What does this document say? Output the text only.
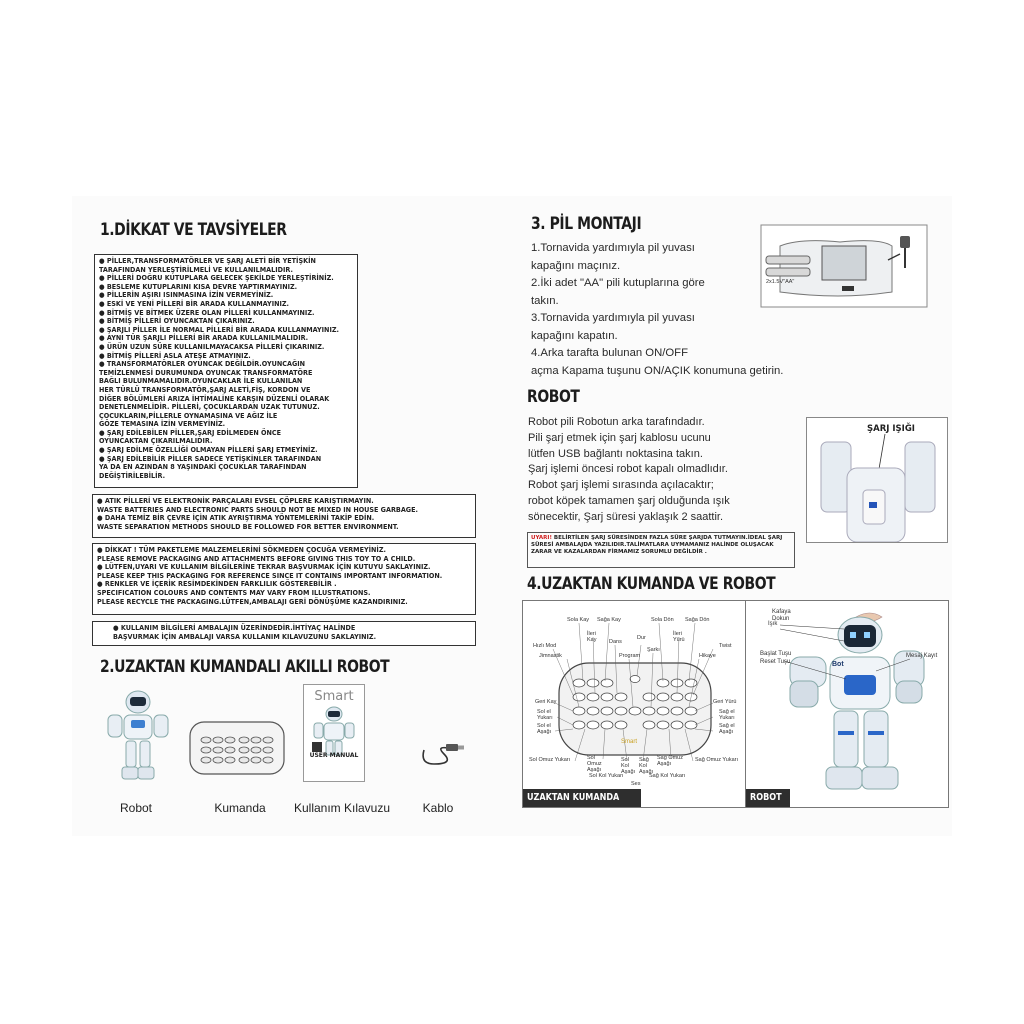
1.DİKKAT VE TAVSİYELER
● PİLLER,TRANSFORMATÖRLER VE ŞARJ ALETİ BİR YETİŞKİN
TARAFINDAN YERLEŞTİRİLMELİ VE KULLANILMALIDIR.
● PİLLERİ DOĞRU KUTUPLARA GELECEK ŞEKİLDE YERLEŞTİRİNİZ.
● BESLEME KUTUPLARINI KISA DEVRE YAPTIRMAYINIZ.
● PİLLERİN AŞIRI ISINMASINA İZİN VERMEYİNİZ.
● ESKİ VE YENİ PİLLERİ BİR ARADA KULLANMAYINIZ.
● BİTMİŞ VE BİTMEK ÜZERE OLAN PİLLERİ KULLANMAYINIZ.
● BİTMİŞ PİLLERİ OYUNCAKTAN ÇIKARINIZ.
● ŞARJLI PİLLER İLE NORMAL PİLLERİ BİR ARADA KULLANMAYINIZ.
● AYNI TÜR ŞARJLI PİLLERİ BİR ARADA KULLANILMALIDIR.
● ÜRÜN UZUN SÜRE KULLANILMAYACAKSA PİLLERİ ÇIKARINIZ.
● BİTMİŞ PİLLERİ ASLA ATEŞE ATMAYINIZ.
● TRANSFORMATÖRLER OYUNCAK DEĞİLDİR.OYUNCAĞIN
TEMİZLENMESİ DURUMUNDA OYUNCAK TRANSFORMATÖRE
BAĞLI BULUNMAMALIDIR.OYUNCAKLAR İLE KULLANILAN
HER TÜRLÜ TRANSFORMATÖR,ŞARJ ALETİ,FİŞ, KORDON VE
DİĞER BÖLÜMLERİ ARIZA İHTİMALİNE KARŞIN DÜZENLİ OLARAK
DENETLENMELİDİR. PİLLERİ, ÇOCUKLARDAN UZAK TUTUNUZ.
ÇOCUKLARIN,PİLLERLE OYNAMASINA VE AĞIZ İLE
GÖZE TEMASINA İZİN VERMEYİNİZ.
● ŞARJ EDİLEBİLEN PİLLER,ŞARJ EDİLMEDEN ÖNCE
OYUNCAKTAN ÇIKARILMALIDIR.
● ŞARJ EDİLME ÖZELLİĞİ OLMAYAN PİLLERİ ŞARJ ETMEYİNİZ.
● ŞARJ EDİLEBİLİR PİLLER SADECE YETİŞKİNLER TARAFINDAN
YA DA EN AZINDAN 8 YAŞINDAKİ ÇOCUKLAR TARAFINDAN
DEĞİŞTİRİLEBİLİR.
● ATIK PİLLERİ VE ELEKTRONİK PARÇALARI EVSEL ÇÖPLERE KARIŞTIRMAYIN.
WASTE BATTERIES AND ELECTRONIC PARTS SHOULD NOT BE MIXED IN HOUSE GARBAGE.
● DAHA TEMİZ BİR ÇEVRE İÇİN ATIK AYRIŞTIRMA YÖNTEMLERİNİ TAKİP EDİN.
WASTE SEPARATION METHODS SHOULD BE FOLLOWED FOR BETTER ENVIRONMENT.
● DİKKAT ! TÜM PAKETLEME MALZEMELERİNİ SÖKMEDEN ÇOCUĞA VERMEYİNİZ.
PLEASE REMOVE PACKAGING AND ATTACHMENTS BEFORE GIVING THIS TOY TO A CHILD.
● LÜTFEN,UYARI VE KULLANIM BİLGİLERİNE TEKRAR BAŞVURMAK İÇİN KUTUYU SAKLAYINIZ.
PLEASE KEEP THIS PACKAGING FOR REFERENCE SINCE IT CONTAINS IMPORTANT INFORMATION.
● RENKLER VE İÇERİK RESİMDEKİNDEN FARKLILIK GÖSTEREBİLİR .
SPECIFICATION COLOURS AND CONTENTS MAY VARY FROM ILLUSTRATIONS.
PLEASE RECYCLE THE PACKAGING.LÜTFEN,AMBALAJI GERİ DÖNÜŞÜME KAZANDIRINIZ.
● KULLANIM BİLGİLERİ AMBALAJIN ÜZERİNDEDİR.İHTİYAÇ HALİNDE
BAŞVURMAK İÇİN AMBALAJI VARSA KULLANIM KILAVUZUNU SAKLAYINIZ.
2.UZAKTAN KUMANDALI AKILLI ROBOT
Smart
USER MANUAL
Robot	Kumanda	Kullanım Kılavuzu	Kablo
3. PİL MONTAJI
1.Tornavida yardımıyla pil yuvası
kapağını maçınız.
2.İki adet "AA" pili kutuplarına göre
takın.
3.Tornavida yardımıyla pil yuvası
kapağını kapatın.
4.Arka tarafta bulunan ON/OFF
açma Kapama tuşunu ON/AÇIK konumuna getirin.
2x1.5V"AA"
ROBOT
Robot pili Robotun arka tarafındadır.
Pili şarj etmek için şarj kablosu ucunu
lütfen USB bağlantı noktasina takın.
Şarj işlemi öncesi robot kapalı olmadlıdır.
Robot şarj işlemi sırasında açılacaktır;
robot köpek tamamen şarj olduğunda ışık
sönecektir, Şarj süresi yaklaşık 2 saattir.
ŞARJ IŞIĞI
UYARI! BELİRTİLEN ŞARJ SÜRESİNDEN FAZLA SÜRE ŞARJDA TUTMAYIN.İDEAL ŞARJ
SÜRESİ AMBALAJDA YAZILIDIR.TALİMATLARA UYMAMANIZ HALİNDE OLUŞACAK
ZARAR VE KAZALARDAN FİRMAMIZ SORUMLU DEĞİLDİR .
4.UZAKTAN KUMANDA VE ROBOT
Sola Kay Sağa Kay	Sola Dön Sağa Dön
İleri Kay
İleri Yürü
Dans
Dur
Hızlı Mod	Twist
Şarkı
Jimnastik	Program	Hikaye
Geri Kay	Geri Yürü
Sol el Yukarı
Sağ el Yukarı
Sol el Aşağı
Sağ el Aşağı
Smart
Sol Omuz Yukarı	Sol Omuz Aşağı
Sol Kol Aşağı
Sağ Kol Aşağı
Sağ Omuz Aşağı
Sağ Omuz Yukarı
Sol Kol Yukarı	Sağ Kol Yukarı
Ses
UZAKTAN KUMANDA
Kafaya Dokun
Işık
Başlat Tuşu
Reset Tuşu
Mesaj Kayıt
Bot
ROBOT
